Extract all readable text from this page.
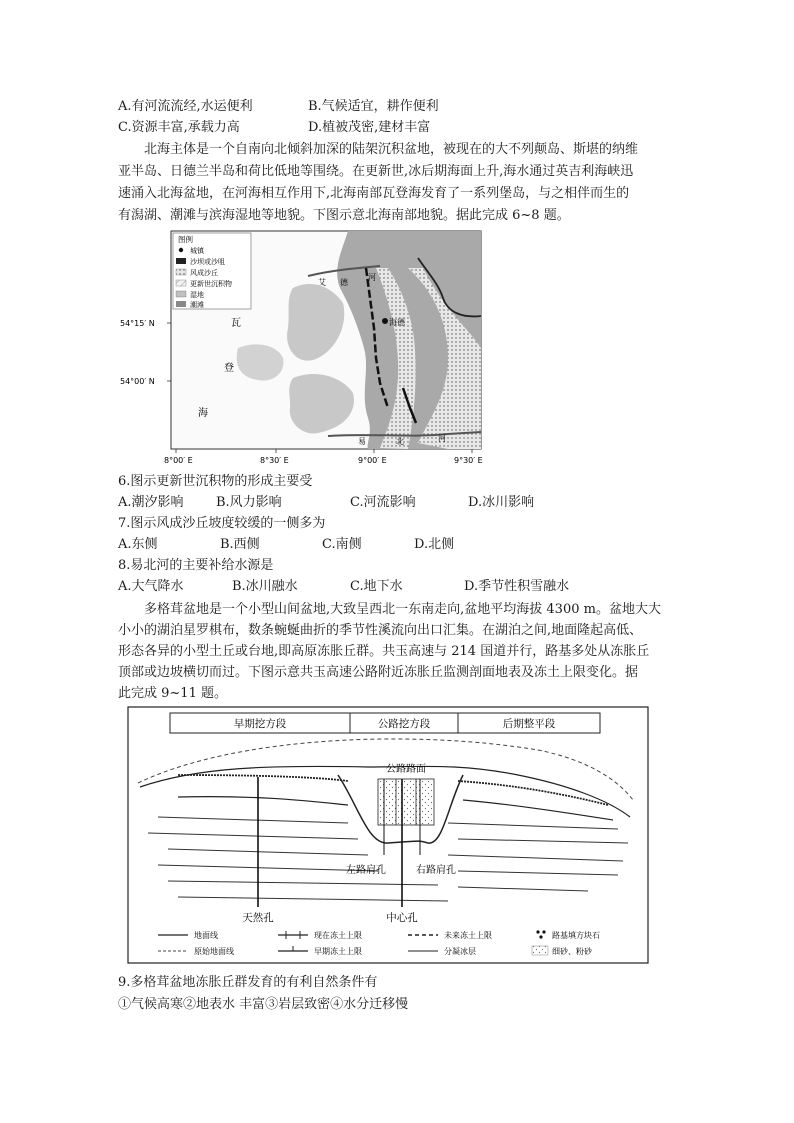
A.有河流流经,水运便利	B.气候适宜，耕作便利
C.资源丰富,承载力高	D.植被茂密,建材丰富
北海主体是一个自南向北倾斜加深的陆架沉积盆地，被现在的大不列颠岛、斯堪的纳维
亚半岛、日德兰半岛和荷比低地等围绕。在更新世,冰后期海面上升,海水通过英吉利海峡迅
速涌入北海盆地，在河海相互作用下,北海南部瓦登海发育了一系列堡岛，与之相伴而生的
有潟湖、潮滩与滨海湿地等地貌。下图示意北海南部地貌。据此完成 6~8 题。
图例
城镇
沙坝或沙咀
风成沙丘
更新世沉积物
湿地
潮滩
瓦
登
海
艾 德
河
海德
易	北	河
54°15′ N
54°00′ N
8°00′ E	8°30′ E	9°00′ E	9°30′ E
6.图示更新世沉积物的形成主要受
A.潮汐影响 B.风力影响	C.河流影响	D.冰川影响
7.图示风成沙丘坡度较缓的一侧多为
A.东侧	B.西侧	C.南侧	D.北侧
8.易北河的主要补给水源是
A.大气降水	B.冰川融水	C.地下水	D.季节性积雪融水
多格茸盆地是一个小型山间盆地,大致呈西北一东南走向,盆地平均海拔 4300 m。盆地大大
小小的湖泊星罗棋布，数条蜿蜒曲折的季节性溪流向出口汇集。在湖泊之间,地面隆起高低、
形态各异的小型土丘或台地,即高原冻胀丘群。共玉高速与 214 国道并行，路基多处从冻胀丘
顶部或边坡横切而过。下图示意共玉高速公路附近冻胀丘监测剖面地表及冻土上限变化。据
此完成 9~11 题。
早期挖方段	公路挖方段	后期整平段
公路路面
左路肩孔	右路肩孔
天然孔	中心孔
地面线	现在冻土上限	未来冻土上限	路基填方块石
原始地面线	早期冻土上限	分凝冰层	细砂、粉砂
9.多格茸盆地冻胀丘群发育的有利自然条件有
①气候高寒②地表水 丰富③岩层致密④水分迁移慢
